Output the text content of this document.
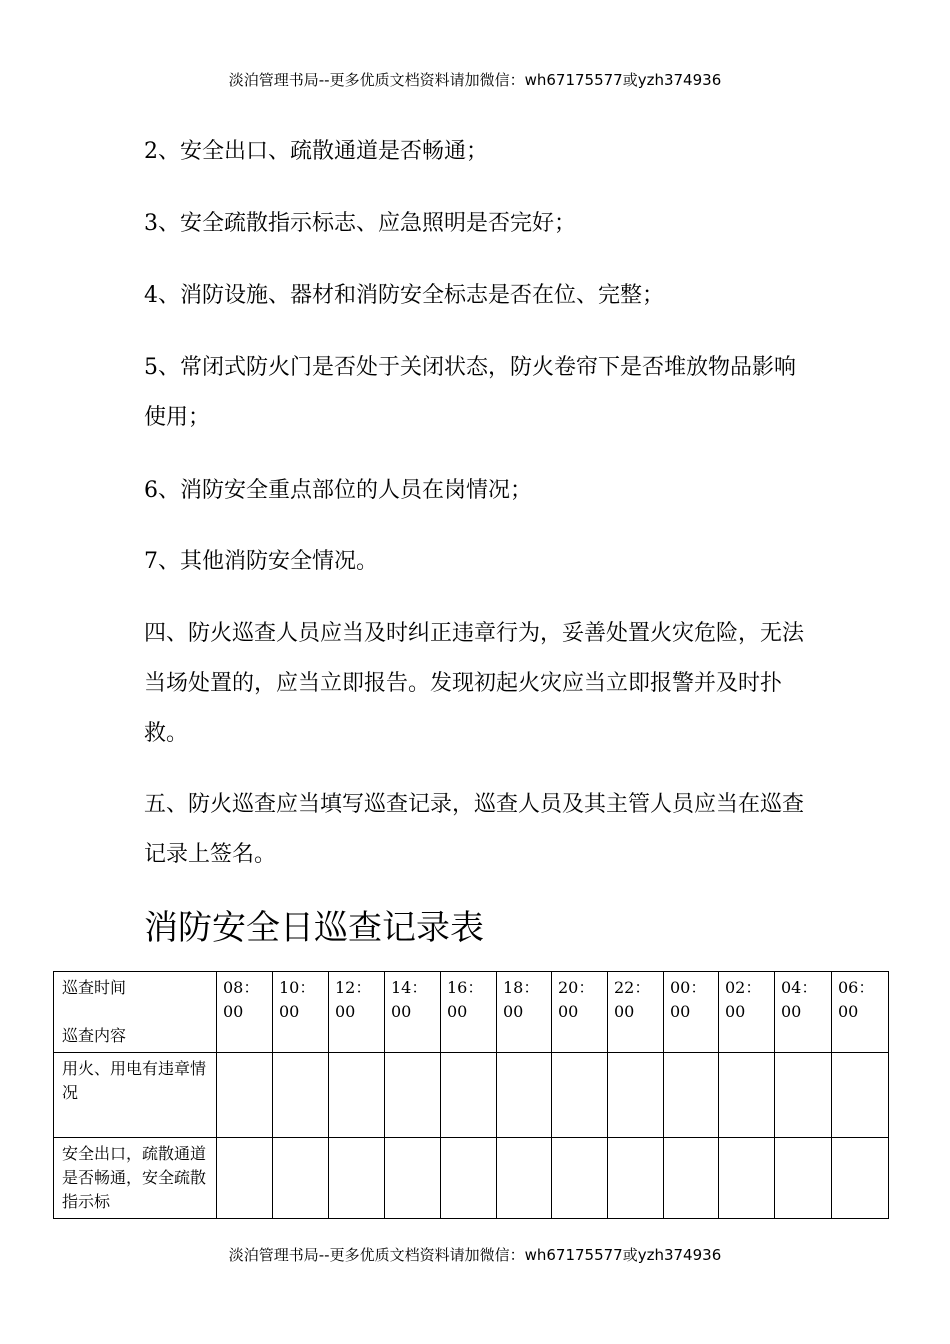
淡泊管理书局--更多优质文档资料请加微信：wh67175577或yzh374936

2、安全出口、疏散通道是否畅通；

3、安全疏散指示标志、应急照明是否完好；

4、消防设施、器材和消防安全标志是否在位、完整；

5、常闭式防火门是否处于关闭状态，防火卷帘下是否堆放物品影响使用；

6、消防安全重点部位的人员在岗情况；

7、其他消防安全情况。

四、防火巡查人员应当及时纠正违章行为，妥善处置火灾危险，无法当场处置的，应当立即报告。发现初起火灾应当立即报警并及时扑救。

五、防火巡查应当填写巡查记录，巡查人员及其主管人员应当在巡查记录上签名。

消防安全日巡查记录表
巡查时间
巡查内容	08：00	10：00	12：00	14：00	16：00	18：00	20：00	22：00	00：00	02：00	04：00	06：00
用火、用电有违章情况												
安全出口，疏散通道是否畅通，安全疏散指示标												
淡泊管理书局--更多优质文档资料请加微信：wh67175577或yzh374936
